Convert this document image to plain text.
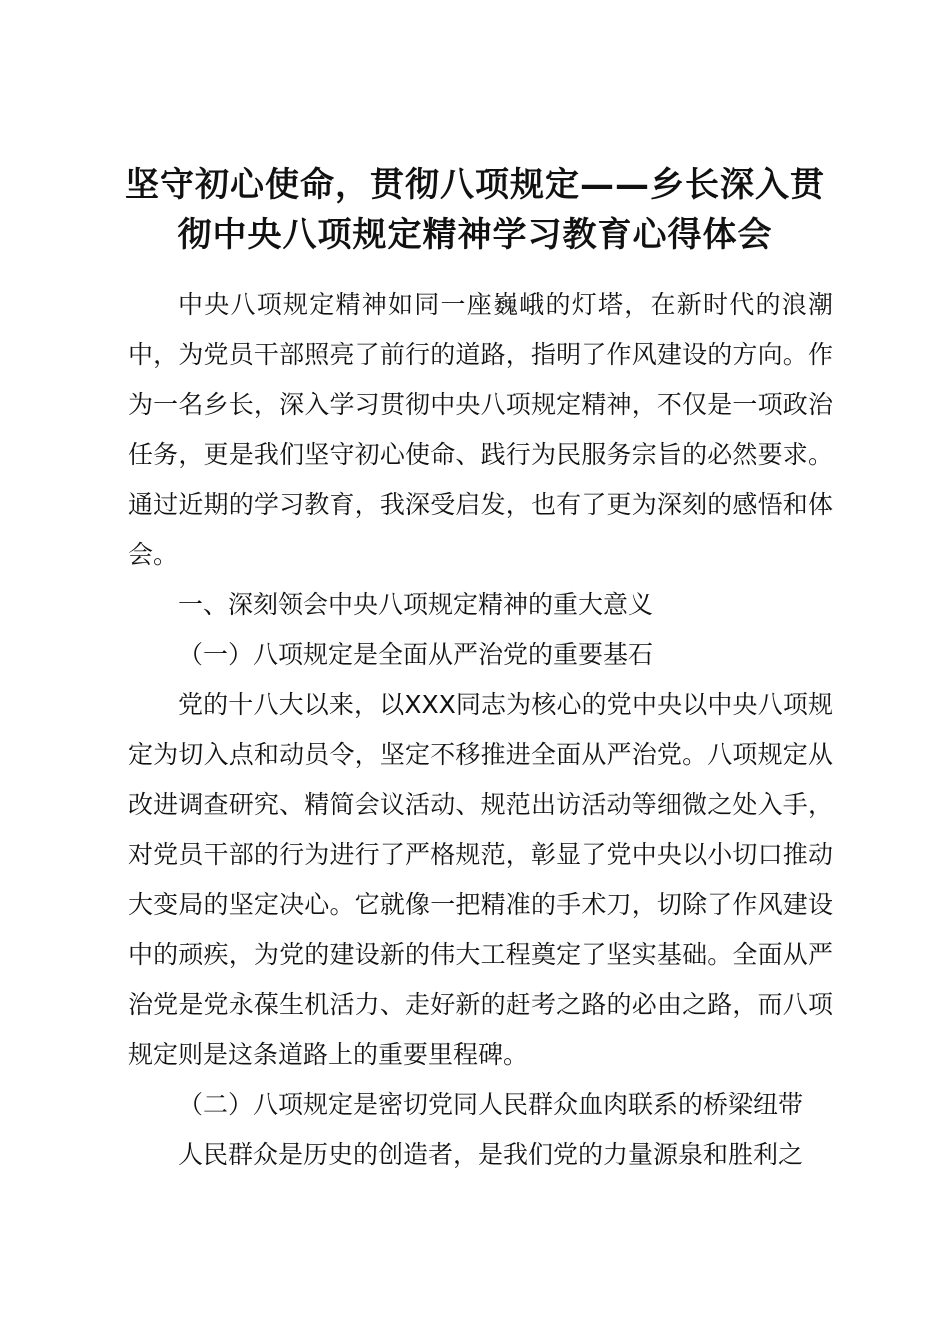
坚守初心使命，贯彻八项规定——乡长深入贯彻中央八项规定精神学习教育心得体会

中央八项规定精神如同一座巍峨的灯塔，在新时代的浪潮中，为党员干部照亮了前行的道路，指明了作风建设的方向。作为一名乡长，深入学习贯彻中央八项规定精神，不仅是一项政治任务，更是我们坚守初心使命、践行为民服务宗旨的必然要求。通过近期的学习教育，我深受启发，也有了更为深刻的感悟和体会。

一、深刻领会中央八项规定精神的重大意义

（一）八项规定是全面从严治党的重要基石

党的十八大以来，以XXX同志为核心的党中央以中央八项规定为切入点和动员令，坚定不移推进全面从严治党。八项规定从改进调查研究、精简会议活动、规范出访活动等细微之处入手，对党员干部的行为进行了严格规范，彰显了党中央以小切口推动大变局的坚定决心。它就像一把精准的手术刀，切除了作风建设中的顽疾，为党的建设新的伟大工程奠定了坚实基础。全面从严治党是党永葆生机活力、走好新的赶考之路的必由之路，而八项规定则是这条道路上的重要里程碑。

（二）八项规定是密切党同人民群众血肉联系的桥梁纽带

人民群众是历史的创造者，是我们党的力量源泉和胜利之
